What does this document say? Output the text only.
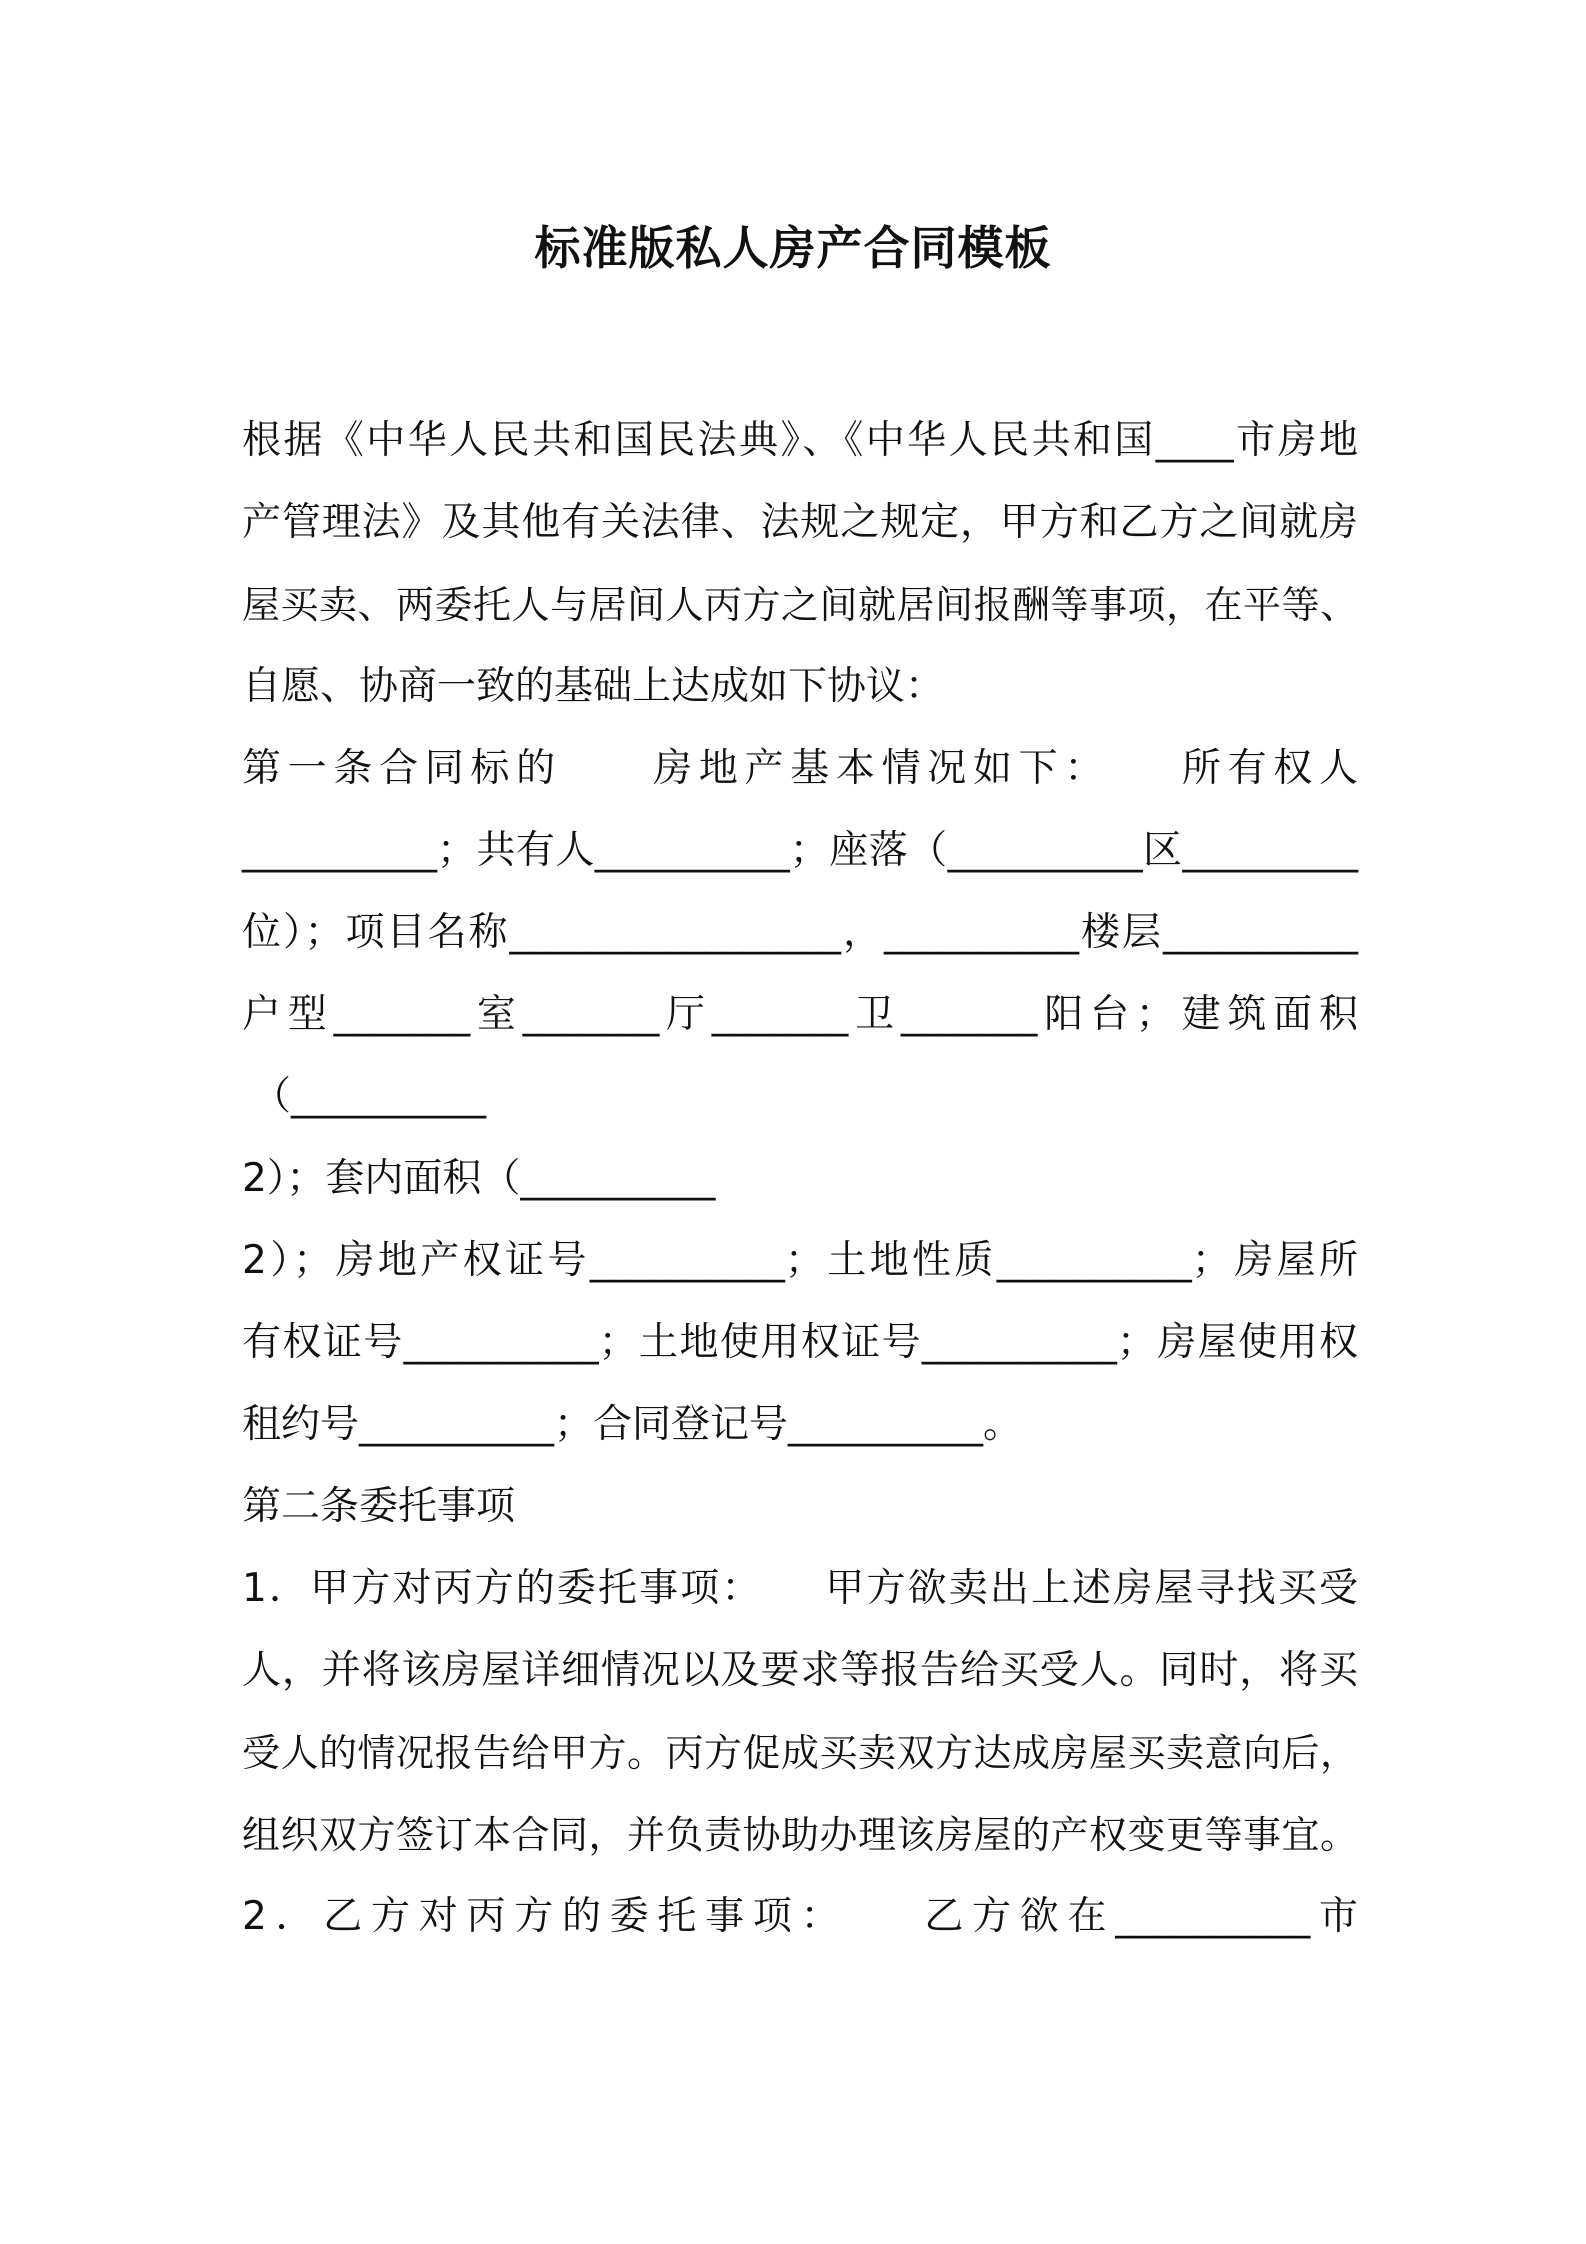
标准版私人房产合同模板
根据《中华人民共和国民法典》、《中华人民共和国____市房地
产管理法》及其他有关法律、法规之规定，甲方和乙方之间就房
屋买卖、两委托人与居间人丙方之间就居间报酬等事项，在平等、
自愿、协商一致的基础上达成如下协议：
第一条合同标的　　房地产基本情况如下：　　所有权人
__________；共有人__________；座落（__________区_________
位）；项目名称_________________，__________楼层__________
户型_______室_______厅_______卫_______阳台；建筑面积
（__________
2）；套内面积（__________
2）；房地产权证号__________；土地性质__________；房屋所
有权证号__________；土地使用权证号__________；房屋使用权
租约号__________；合同登记号__________。
第二条委托事项
1．甲方对丙方的委托事项：　　甲方欲卖出上述房屋寻找买受
人，并将该房屋详细情况以及要求等报告给买受人。同时，将买
受人的情况报告给甲方。丙方促成买卖双方达成房屋买卖意向后，
组织双方签订本合同，并负责协助办理该房屋的产权变更等事宜。
2．乙方对丙方的委托事项：　　乙方欲在__________市
